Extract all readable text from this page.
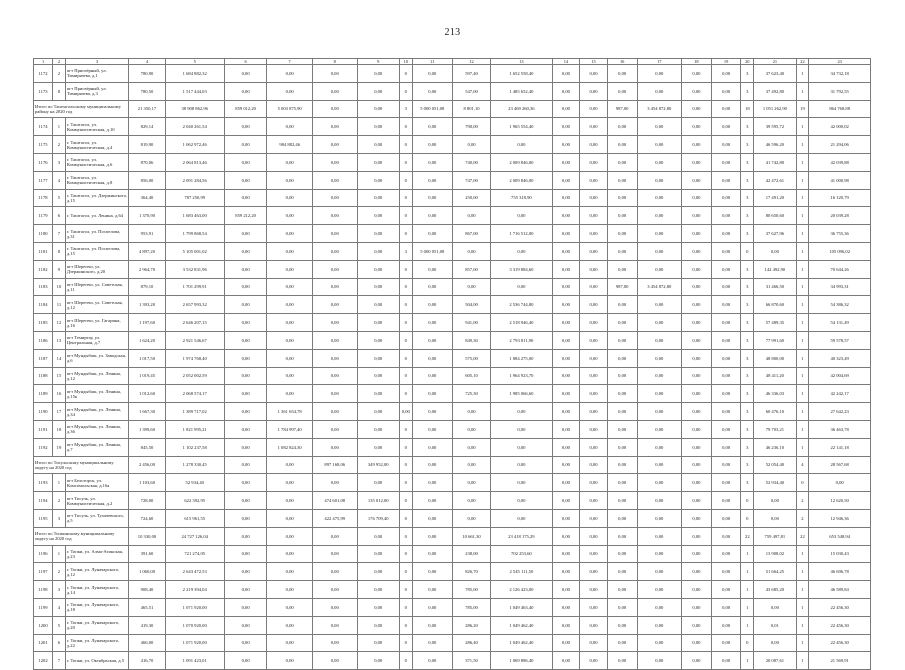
213
1	2	3	4	5	6	7	8	9	10	11	12	13	14	15	16	17	18	19	20	21	22	23
1172	2	пгт Приозёрный, ул. Тимирязева, д.1	780,90	1 684 882,32	0,00	0,00	0,00	0,00	0	0,00	597,40	1 652 558,40	0,00	0,00	0,00	0,00	0,00	0,00	3	37 623,40	1	34 732,18
1173	8	пгт Приозёрный, ул. Тимирязева, д.3	780,50	1 517 444,03	0,00	0,00	0,00	0,00	0	0,00	547,00	1 485 652,40	0,00	0,00	0,00	0,00	0,00	0,00	3	37 492,80	1	31 792,55
Итого по Таштагольскому муниципальному району на 2020 год			21 350,17	38 908 862,96	859 012,20	5 003 875,90	0,00	0,00	3	5 000 051,08	8 801,10	23 469 260,36	0,00	0,00	987,00	3 454 872,80	0,00	0,00	18	1 051 262,90	19	864 768,88
1174	1	г. Таштагол, ул. Коммунистическая, д.10	829,14	2 040 261,54	0,00	0,00	0,00	0,00	0	0,00	790,00	1 965 554,40	0,00	0,00	0,00	0,00	0,00	0,00	3	39 595,72	1	42 000,02
1175	2	г. Таштагол, ул. Коммунистическая, д.4	819,90	1 062 972,46	0,00	984 882,46	0,00	0,00	0	0,00	0,00	0,00	0,00	0,00	0,00	0,00	0,00	0,00	3	46 596,20	1	21 294,06
1176	3	г. Таштагол, ул. Коммунистическая, д.6	870,06	2 064 813,46	0,00	0,00	0,00	0,00	0	0,00	740,00	2 009 846,00	0,00	0,00	0,00	0,00	0,00	0,00	3	41 742,80	1	42 039,88
1177	4	г. Таштагол, ул. Коммунистическая, д.8	856,00	2 091 284,56	0,00	0,00	0,00	0,00	0	0,00	747,00	2 009 846,00	0,00	0,00	0,00	0,00	0,00	0,00	3	42 472,61	1	41 000,98
1178	5	г. Таштагол, ул. Дзержинского, д.15	364,40	787 250,99	0,00	0,00	0,00	0,00	0	0,00	250,00	755 318,90	0,00	0,00	0,00	0,00	0,00	0,00	3	17 491,20	1	16 120,79
1179	6	г. Таштагол, ул. Ленина, д.64	1 370,90	1 683 463,00	859 212,20	0,00	0,00	0,00	0	0,00	0,00	0,00	0,00	0,00	0,00	0,00	0,00	0,00	3	80 650,60	1	20 039,28
1180	7	г. Таштагол, ул. Поспелова, д.31	953,91	1 799 868,54	0,00	0,00	0,00	0,00	0	0,00	867,00	1 716 512,00	0,00	0,00	0,00	0,00	0,00	0,00	3	37 627,96	1	36 755,36
1181	8	г. Таштагол, ул. Поспелова, д.15	4 897,20	5 105 001,02	0,00	0,00	0,00	0,00	3	5 000 051,08	0,00	0,00	0,00	0,00	0,00	0,00	0,00	0,00	0	0,00	1	105 096,02
1182	9	пгт Шерегеш, ул. Дзержинского, д.20	2 964,70	3 532 831,96	0,00	0,00	0,00	0,00	0	0,00	857,00	3 319 884,60	0,00	0,00	0,00	0,00	0,00	0,00	3	142 492,90	1	70 644,26
1183	10	пгт Шерегеш, ул. Советская, д.11	879,10	1 701 299,91	0,00	0,00	0,00	0,00	0	0,00	0,00	0,00	0,00	0,00	987,00	3 454 872,80	0,00	0,00	3	31 466,50	1	34 993,31
1184	11	пгт Шерегеш, ул. Советская, д.12	1 393,20	2 657 993,32	0,00	0,00	0,00	0,00	0	0,00	504,00	2 536 744,80	0,00	0,00	0,00	0,00	0,00	0,00	3	66 870,60	1	54 386,32
1185	12	пгт Шерегеш, ул. Гагарина, д.16	1 197,60	2 646 207,15	0,00	0,00	0,00	0,00	0	0,00	941,00	2 518 946,40	0,00	0,00	0,00	0,00	0,00	0,00	3	57 489,35	1	54 131,49
1186	13	пгт Темиртау, ул. Центральная, д.7	1 624,20	2 921 546,67	0,00	0,00	0,00	0,00	0	0,00	849,30	2 793 811,90	0,00	0,00	0,00	0,00	0,00	0,00	3	77 991,60	1	59 578,57
1187	14	пгт Мундыбаш, ул. Заводская, д.6	1 017,50	1 974 768,40	0,00	0,00	0,00	0,00	0	0,00	575,00	1 884 275,00	0,00	0,00	0,00	0,00	0,00	0,00	3	48 800,00	1	40 323,49
1188	15	пгт Мундыбаш, ул. Ленина, д.12	1 019,45	2 052 002,59	0,00	0,00	0,00	0,00	0	0,00	605,10	1 964 923,70	0,00	0,00	0,00	0,00	0,00	0,00	3	48 411,20	1	42 004,69
1189	16	пгт Мундыбаш, ул. Ленина, д.15к	1 012,60	2 068 574,17	0,00	0,00	0,00	0,00	0	0,00	725,30	1 985 066,60	0,00	0,00	0,00	0,00	0,00	0,00	3	46 336,03	1	42 242,17
1190	17	пгт Мундыбаш, ул. Ленина, д.34	1 667,30	1 389 717,02	0,00	1 361 654,78	0,00	0,00	0,00	0,00	0,00	0,00	0,00	0,00	0,00	0,00	0,00	0,00	3	60 476,10	1	27 642,23
1191	18	пгт Мундыбаш, ул. Ленина, д.36	1 399,60	1 821 995,21	0,00	1 784 997,40	0,00	0,00	0	0,00	0,00	0,00	0,00	0,00	0,00	0,00	0,00	0,00	3	79 703,21	1	36 463,78
1192	19	пгт Мундыбаш, ул. Ленина, д.7	845,50	1 102 237,58	0,00	1 082 824,30	0,00	0,00	0	0,00	0,00	0,00	0,00	0,00	0,00	0,00	0,00	0,00	3	46 236,10	1	22 141,18
Итого по Тисульскому муниципальному округу на 2020 год			2 456,00	1 278 330,45	0,00	0,00	897 168,06	349 952,00	0	0,00	0,00	0,00	0,00	0,00	0,00	0,00	0,00	0,00	3	52 054,40	4	28 567,68
1193	1	пгт Белогорск, ул. Комсомольская, д.16а	1 103,60	52 934,40	0,00	0,00	0,00	0,00	0	0,00	0,00	0,00	0,00	0,00	0,00	0,00	0,00	0,00	3	52 934,40	0	0,00
1194	2	пгт Тисуль, ул. Коммунистическая, д.2	728,00	622 392,95	0,00	0,00	474 601,08	135 012,00	0	0,00	0,00	0,00	0,00	0,00	0,00	0,00	0,00	0,00	0	0,00	2	12 620,50
1195	3	пгт Тисуль, ул. Тухачевского, д.5	724,60	615 961,55	0,00	0,00	422 475,99	176 709,40	0	0,00	0,00	0,00	0,00	0,00	0,00	0,00	0,00	0,00	0	0,00	2	12 946,36
Итого по Топкинскому муниципальному округу на 2020 год			10 330,00	24 727 126,04	0,00	0,00	0,00	0,00	0	0,00	10 661,30	23 418 175,29	0,00	0,00	0,00	0,00	0,00	0,00	22	759 497,81	22	653 548,94
1196	1	г. Топки, ул. Алма-Атинская, д.23	391,60	721 274,05	0,00	0,00	0,00	0,00	0	0,00	238,00	702 253,60	0,00	0,00	0,00	0,00	0,00	0,00	1	13 908,02	1	15 030,43
1197	2	г. Топки, ул. Луначарского, д.12	1 060,00	2 643 472,53	0,00	0,00	0,00	0,00	0	0,00	826,70	2 545 111,50	0,00	0,00	0,00	0,00	0,00	0,00	1	51 664,25	1	46 696,78
1198	3	г. Топки, ул. Луначарского, д.14	908,40	2 219 394,04	0,00	0,00	0,00	0,00	0	0,00	785,00	2 126 423,00	0,00	0,00	0,00	0,00	0,00	0,00	1	43 685,20	1	46 589,84
1199	4	г. Топки, ул. Луначарского, д.18	465,51	1 071 920,00	0,00	0,00	0,00	0,00	0	0,00	785,00	1 049 463,40	0,00	0,00	0,00	0,00	0,00	0,00	1	0,00	1	22 456,30
1200	5	г. Топки, ул. Луначарского, д.20	419,30	1 070 920,00	0,00	0,00	0,00	0,00	0	0,00	286,20	1 049 462,40	0,00	0,00	0,00	0,00	0,00	0,00	1	0,01	1	22 456,30
1201	6	г. Топки, ул. Луначарского, д.22	460,00	1 071 920,00	0,00	0,00	0,00	0,00	0	0,00	286,40	1 049 462,40	0,00	0,00	0,00	0,00	0,00	0,00	0	0,00	1	22 456,30
1202	7	г. Топки, ул. Октябрьская, д.5	416,70	1 091 423,01	0,00	0,00	0,00	0,00	0	0,00	371,50	1 069 886,40	0,00	0,00	0,00	0,00	0,00	0,00	1	20 087,61	1	21 569,91
